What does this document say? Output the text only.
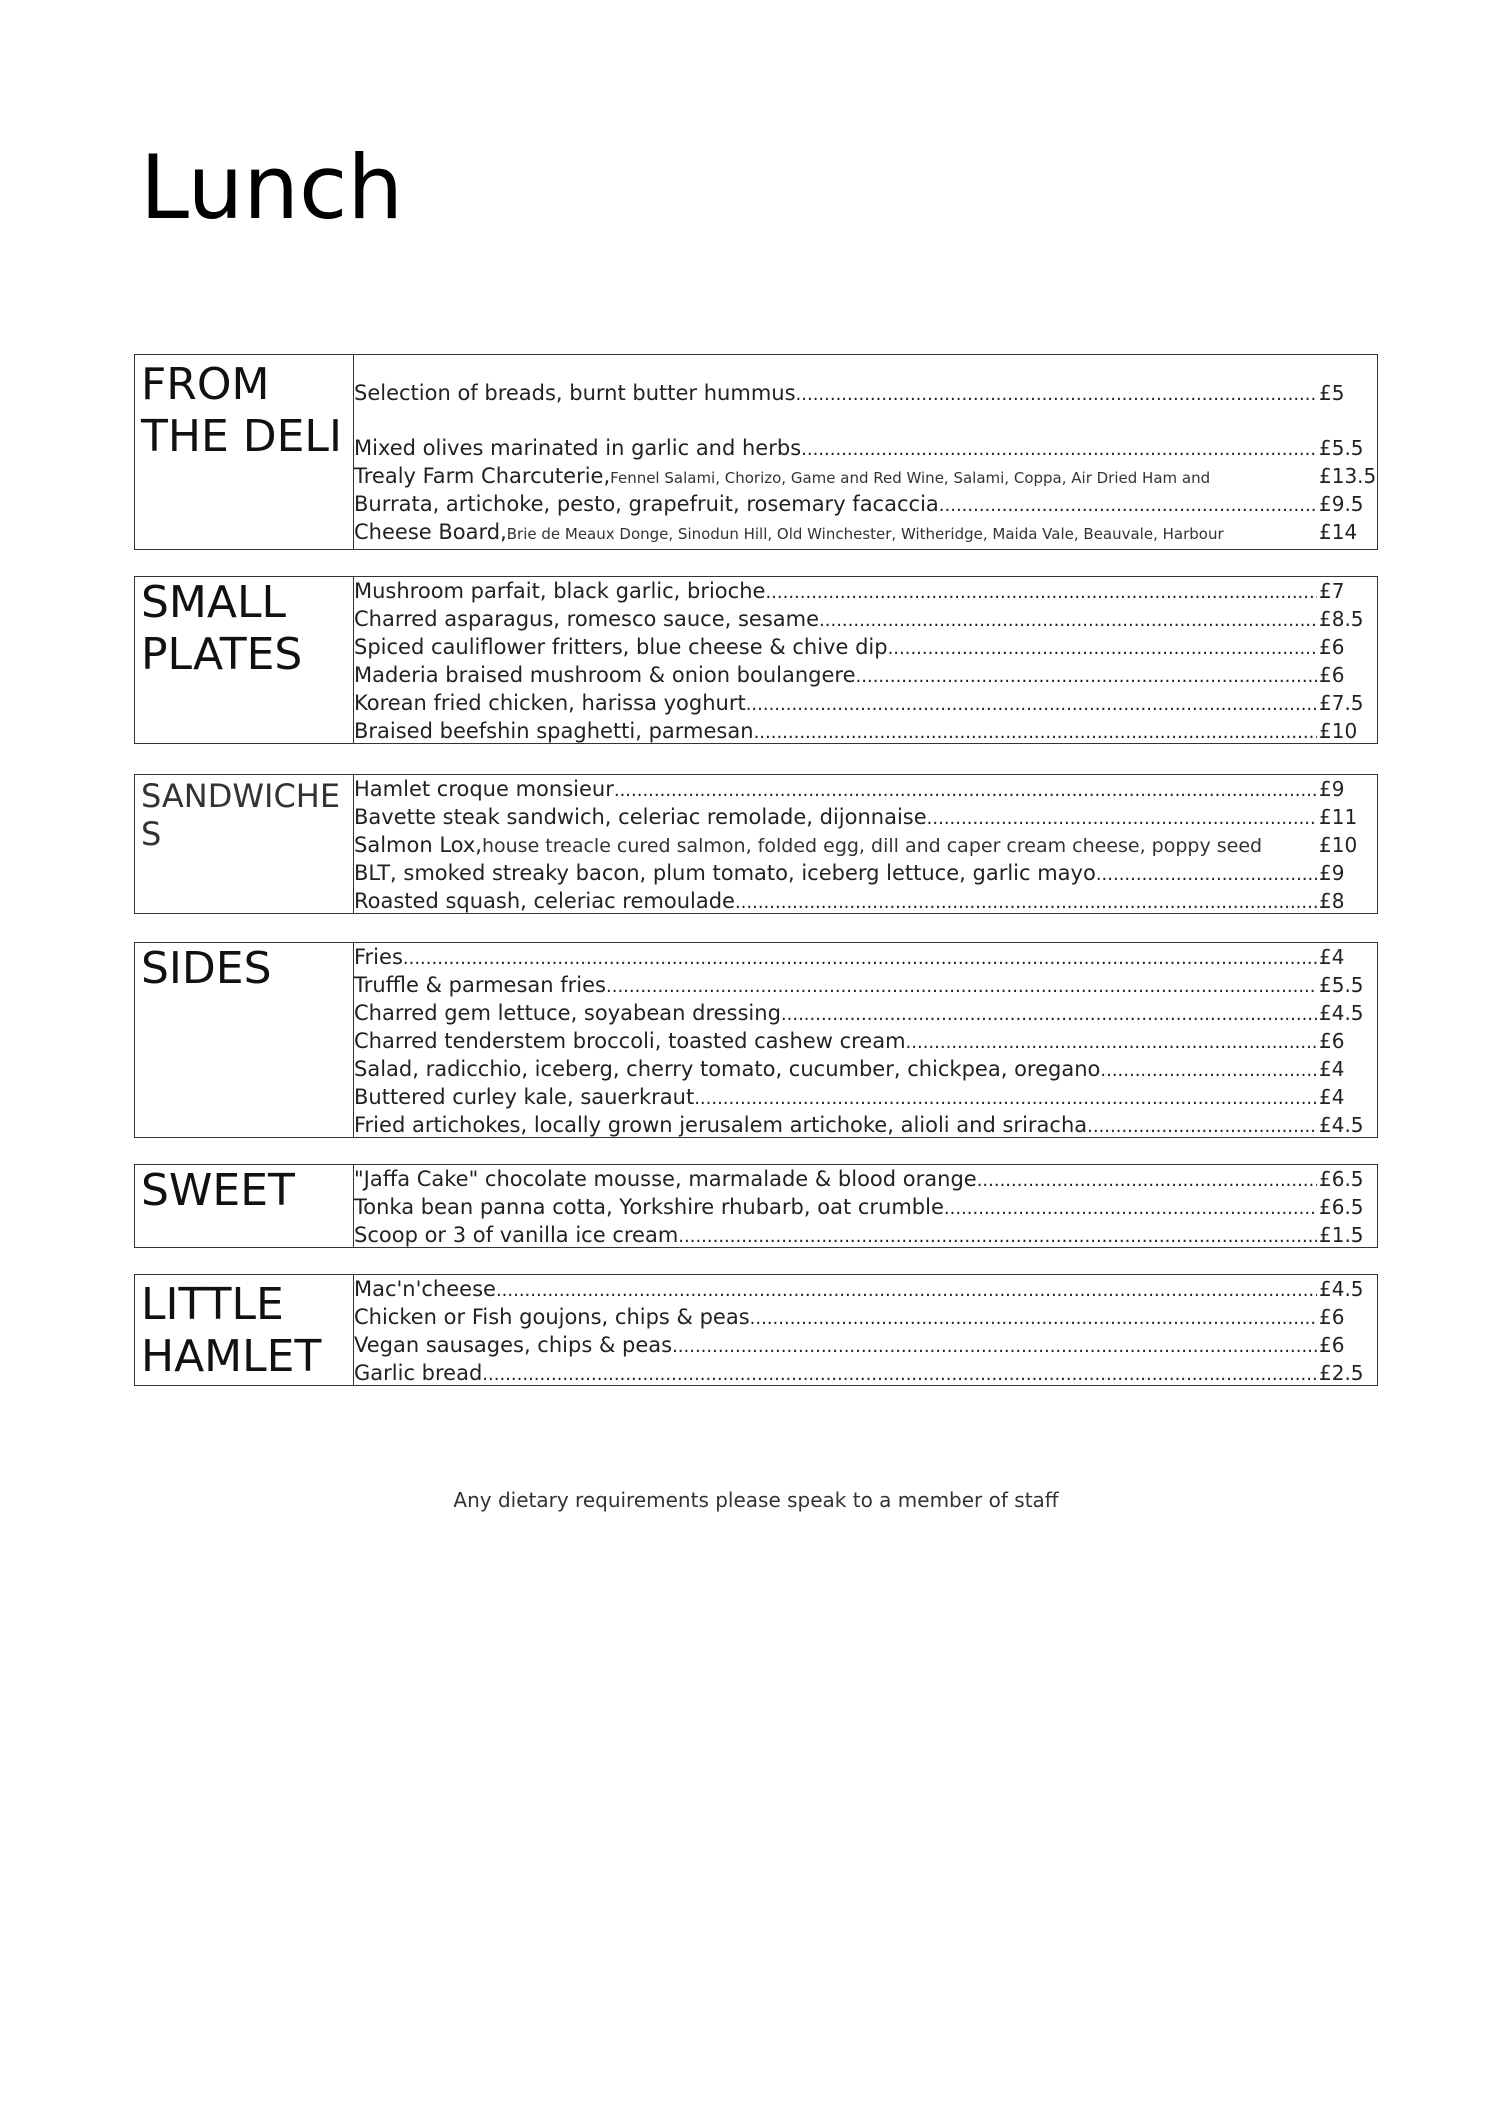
Lunch
FROM THE DELI
Selection of breads, burnt butter hummus .....	£5
Mixed olives marinated in garlic and herbs .....	£5.5
Trealy Farm Charcuterie, Fennel Salami, Chorizo, Game and Red Wine, Salami, Coppa, Air Dried Ham and	£13.5
Burrata, artichoke, pesto, grapefruit, rosemary facaccia .....	£9.5
Cheese Board, Brie de Meaux Donge, Sinodun Hill, Old Winchester, Witheridge, Maida Vale, Beauvale, Harbour	£14
SMALL PLATES
Mushroom parfait, black garlic, brioche .....	£7
Charred asparagus, romesco sauce, sesame .....	£8.5
Spiced cauliflower fritters, blue cheese & chive dip .....	£6
Maderia braised mushroom & onion boulangere .....	£6
Korean fried chicken, harissa yoghurt .....	£7.5
Braised beefshin spaghetti, parmesan .....	£10
SANDWICHES
Hamlet croque monsieur .....	£9
Bavette steak sandwich, celeriac remolade, dijonnaise .....	£11
Salmon Lox, house treacle cured salmon, folded egg, dill and caper cream cheese, poppy seed	£10
BLT, smoked streaky bacon, plum tomato, iceberg lettuce, garlic mayo .....	£9
Roasted squash, celeriac remoulade .....	£8
SIDES	Fries .....	£4
Truffle & parmesan fries .....	£5.5
Charred gem lettuce, soyabean dressing .....	£4.5
Charred tenderstem broccoli, toasted cashew cream .....	£6
Salad, radicchio, iceberg, cherry tomato, cucumber, chickpea, oregano .....	£4
Buttered curley kale, sauerkraut .....	£4
Fried artichokes, locally grown jerusalem artichoke, alioli and sriracha .....	£4.5
SWEET	"Jaffa Cake" chocolate mousse, marmalade & blood orange .....	£6.5
Tonka bean panna cotta, Yorkshire rhubarb, oat crumble .....	£6.5
Scoop or 3 of vanilla ice cream .....	£1.5
LITTLE HAMLET
Mac'n'cheese .....	£4.5
Chicken or Fish goujons, chips & peas .....	£6
Vegan sausages, chips & peas .....	£6
Garlic bread .....	£2.5
Any dietary requirements please speak to a member of staff
